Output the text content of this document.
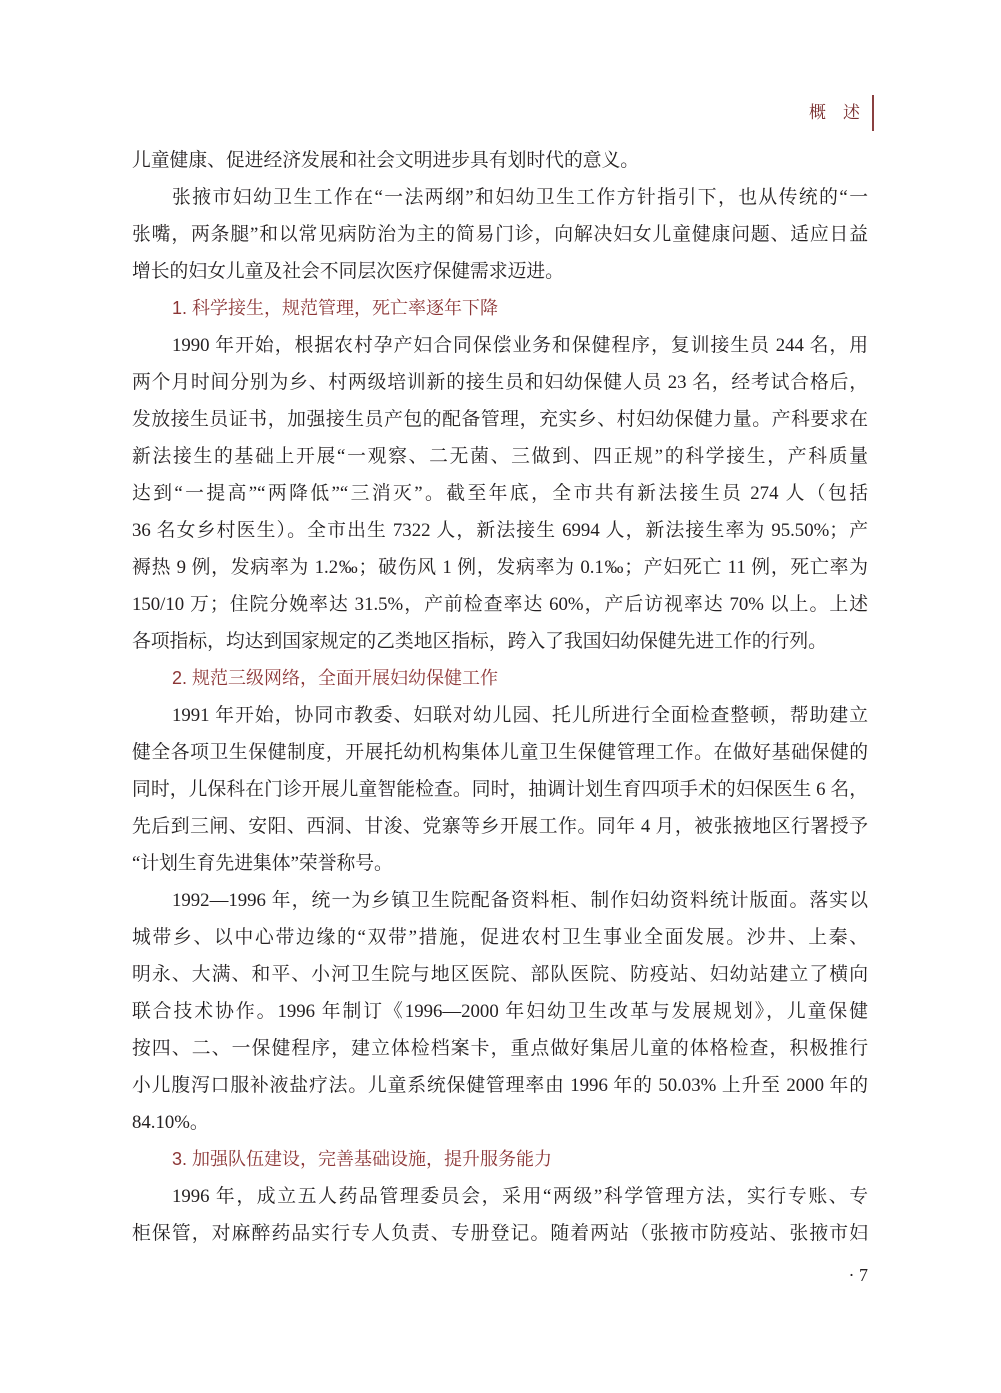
概　述
儿童健康、促进经济发展和社会文明进步具有划时代的意义。
张掖市妇幼卫生工作在“一法两纲”和妇幼卫生工作方针指引下，也从传统的“一
张嘴，两条腿”和以常见病防治为主的简易门诊，向解决妇女儿童健康问题、适应日益
增长的妇女儿童及社会不同层次医疗保健需求迈进。
1. 科学接生，规范管理，死亡率逐年下降
1990 年开始，根据农村孕产妇合同保偿业务和保健程序，复训接生员 244 名，用
两个月时间分别为乡、村两级培训新的接生员和妇幼保健人员 23 名，经考试合格后，
发放接生员证书，加强接生员产包的配备管理，充实乡、村妇幼保健力量。产科要求在
新法接生的基础上开展“一观察、二无菌、三做到、四正规”的科学接生，产科质量
达到“一提高”“两降低”“三消灭”。截至年底，全市共有新法接生员 274 人（包括
36 名女乡村医生）。全市出生 7322 人，新法接生 6994 人，新法接生率为 95.50%；产
褥热 9 例，发病率为 1.2‰；破伤风 1 例，发病率为 0.1‰；产妇死亡 11 例，死亡率为
150/10 万；住院分娩率达 31.5%，产前检查率达 60%，产后访视率达 70% 以上。上述
各项指标，均达到国家规定的乙类地区指标，跨入了我国妇幼保健先进工作的行列。
2. 规范三级网络，全面开展妇幼保健工作
1991 年开始，协同市教委、妇联对幼儿园、托儿所进行全面检查整顿，帮助建立
健全各项卫生保健制度，开展托幼机构集体儿童卫生保健管理工作。在做好基础保健的
同时，儿保科在门诊开展儿童智能检查。同时，抽调计划生育四项手术的妇保医生 6 名，
先后到三闸、安阳、西洞、甘浚、党寨等乡开展工作。同年 4 月，被张掖地区行署授予
“计划生育先进集体”荣誉称号。
1992—1996 年，统一为乡镇卫生院配备资料柜、制作妇幼资料统计版面。落实以
城带乡、以中心带边缘的“双带”措施，促进农村卫生事业全面发展。沙井、上秦、
明永、大满、和平、小河卫生院与地区医院、部队医院、防疫站、妇幼站建立了横向
联合技术协作。1996 年制订《1996—2000 年妇幼卫生改革与发展规划》，儿童保健
按四、二、一保健程序，建立体检档案卡，重点做好集居儿童的体格检查，积极推行
小儿腹泻口服补液盐疗法。儿童系统保健管理率由 1996 年的 50.03% 上升至 2000 年的
84.10%。
3. 加强队伍建设，完善基础设施，提升服务能力
1996 年，成立五人药品管理委员会，采用“两级”科学管理方法，实行专账、专
柜保管，对麻醉药品实行专人负责、专册登记。随着两站（张掖市防疫站、张掖市妇
· 7
